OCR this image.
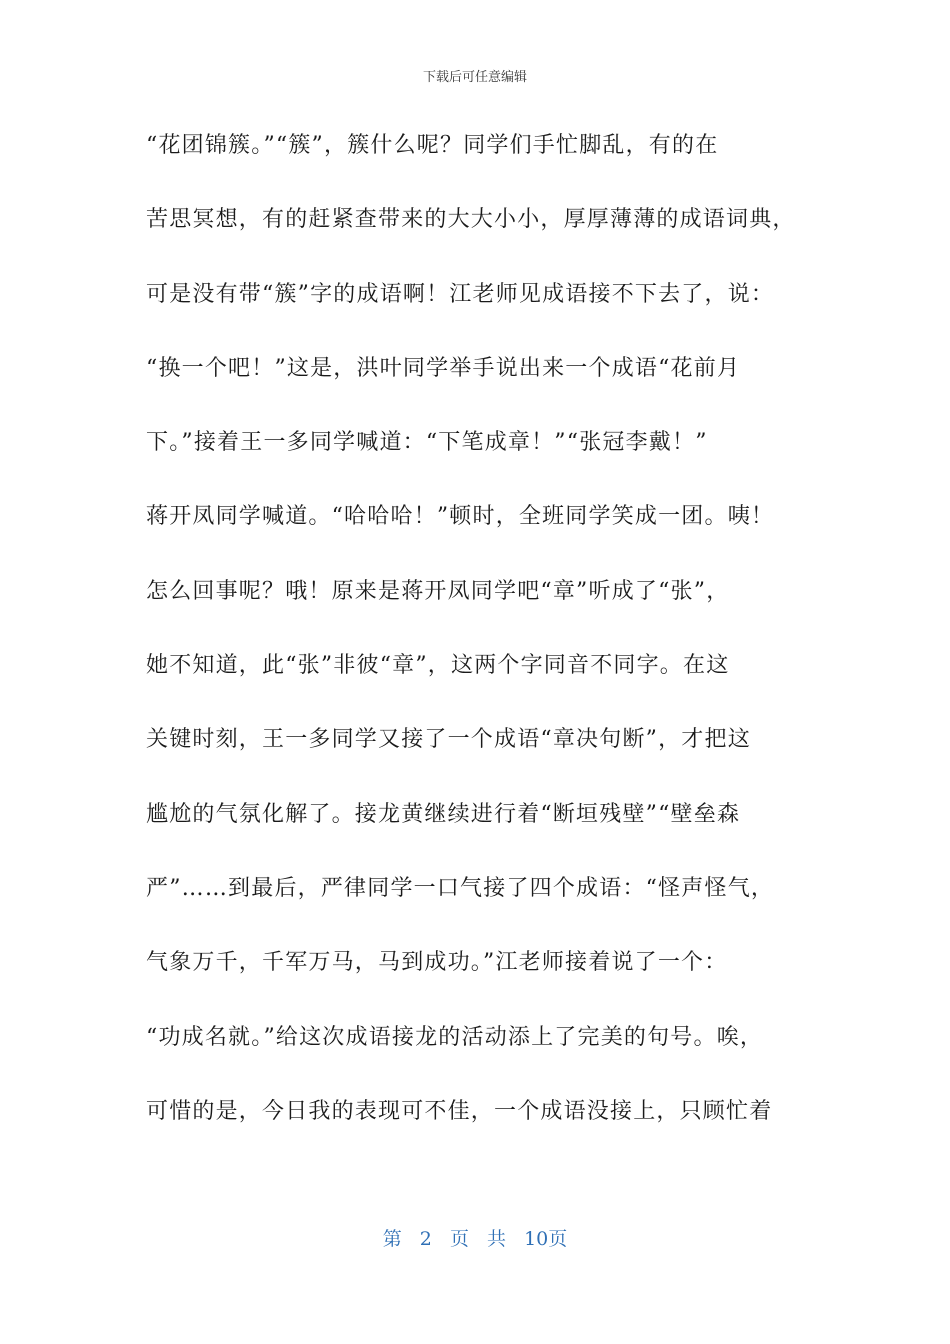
下载后可任意编辑
“花团锦簇。”“簇”，簇什么呢？同学们手忙脚乱，有的在
苦思冥想，有的赶紧查带来的大大小小，厚厚薄薄的成语词典，
可是没有带“簇”字的成语啊！江老师见成语接不下去了，说：
“换一个吧！”这是，洪叶同学举手说出来一个成语“花前月
下。”接着王一多同学喊道：“下笔成章！”“张冠李戴！”
蒋开凤同学喊道。“哈哈哈！”顿时，全班同学笑成一团。咦！
怎么回事呢？哦！原来是蒋开凤同学吧“章”听成了“张”，
她不知道，此“张”非彼“章”，这两个字同音不同字。在这
关键时刻，王一多同学又接了一个成语“章决句断”，才把这
尴尬的气氛化解了。接龙黄继续进行着“断垣残壁”“壁垒森
严”……到最后，严律同学一口气接了四个成语：“怪声怪气，
气象万千，千军万马，马到成功。”江老师接着说了一个：
“功成名就。”给这次成语接龙的活动添上了完美的句号。唉，
可惜的是，今日我的表现可不佳，一个成语没接上，只顾忙着
第 2 页 共 10页
